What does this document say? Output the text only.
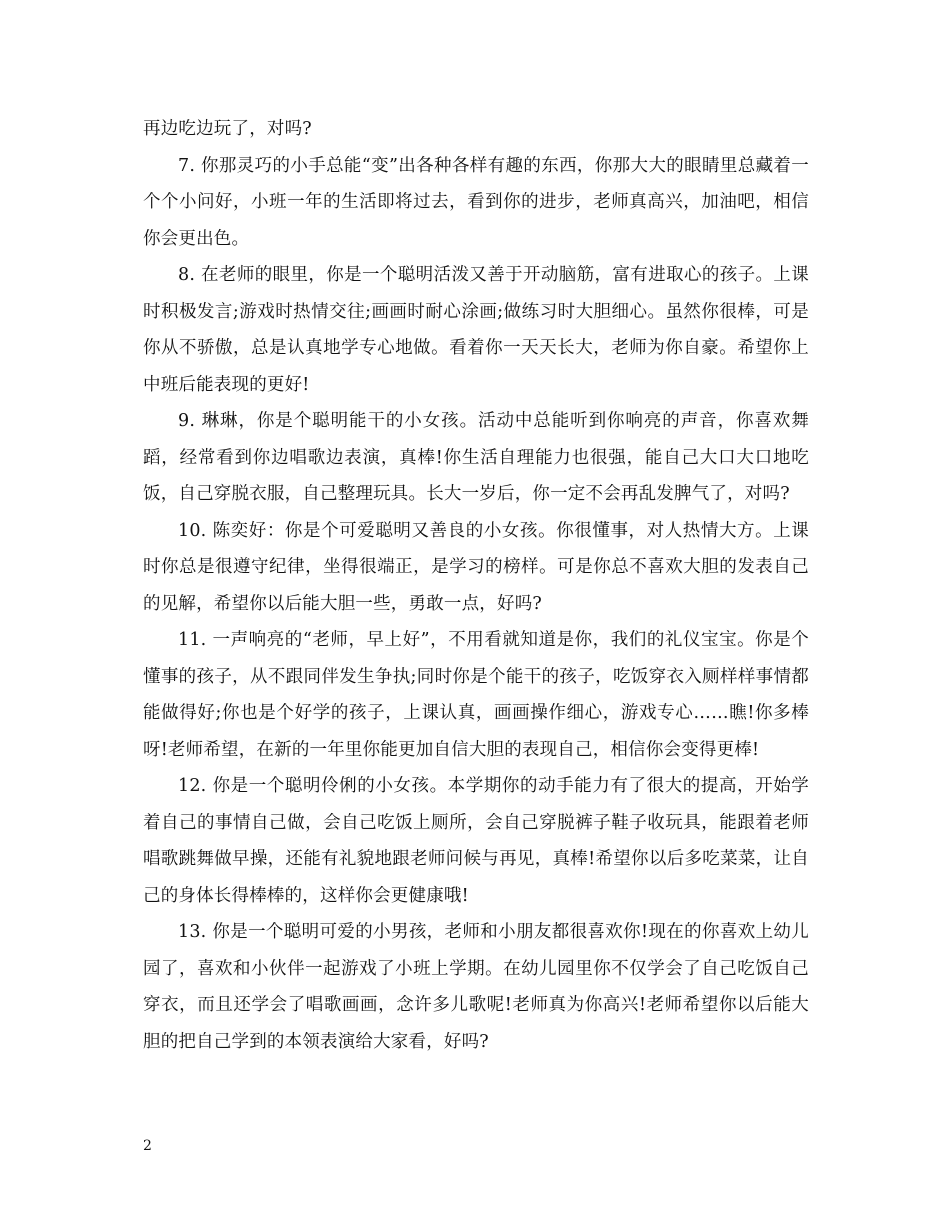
再边吃边玩了，对吗?

7. 你那灵巧的小手总能“变”出各种各样有趣的东西，你那大大的眼睛里总藏着一个个小问好，小班一年的生活即将过去，看到你的进步，老师真高兴，加油吧，相信你会更出色。

8. 在老师的眼里，你是一个聪明活泼又善于开动脑筋，富有进取心的孩子。上课时积极发言;游戏时热情交往;画画时耐心涂画;做练习时大胆细心。虽然你很棒，可是你从不骄傲，总是认真地学专心地做。看着你一天天长大，老师为你自豪。希望你上中班后能表现的更好!

9. 琳琳，你是个聪明能干的小女孩。活动中总能听到你响亮的声音，你喜欢舞蹈，经常看到你边唱歌边表演，真棒!你生活自理能力也很强，能自己大口大口地吃饭，自己穿脱衣服，自己整理玩具。长大一岁后，你一定不会再乱发脾气了，对吗?

10. 陈奕好：你是个可爱聪明又善良的小女孩。你很懂事，对人热情大方。上课时你总是很遵守纪律，坐得很端正，是学习的榜样。可是你总不喜欢大胆的发表自己的见解，希望你以后能大胆一些，勇敢一点，好吗?

11. 一声响亮的“老师，早上好”，不用看就知道是你，我们的礼仪宝宝。你是个懂事的孩子，从不跟同伴发生争执;同时你是个能干的孩子，吃饭穿衣入厕样样事情都能做得好;你也是个好学的孩子，上课认真，画画操作细心，游戏专心……瞧!你多棒呀!老师希望，在新的一年里你能更加自信大胆的表现自己，相信你会变得更棒!

12. 你是一个聪明伶俐的小女孩。本学期你的动手能力有了很大的提高，开始学着自己的事情自己做，会自己吃饭上厕所，会自己穿脱裤子鞋子收玩具，能跟着老师唱歌跳舞做早操，还能有礼貌地跟老师问候与再见，真棒!希望你以后多吃菜菜，让自己的身体长得棒棒的，这样你会更健康哦!

13. 你是一个聪明可爱的小男孩，老师和小朋友都很喜欢你!现在的你喜欢上幼儿园了，喜欢和小伙伴一起游戏了小班上学期。在幼儿园里你不仅学会了自己吃饭自己穿衣，而且还学会了唱歌画画，念许多儿歌呢!老师真为你高兴!老师希望你以后能大胆的把自己学到的本领表演给大家看，好吗?

2
